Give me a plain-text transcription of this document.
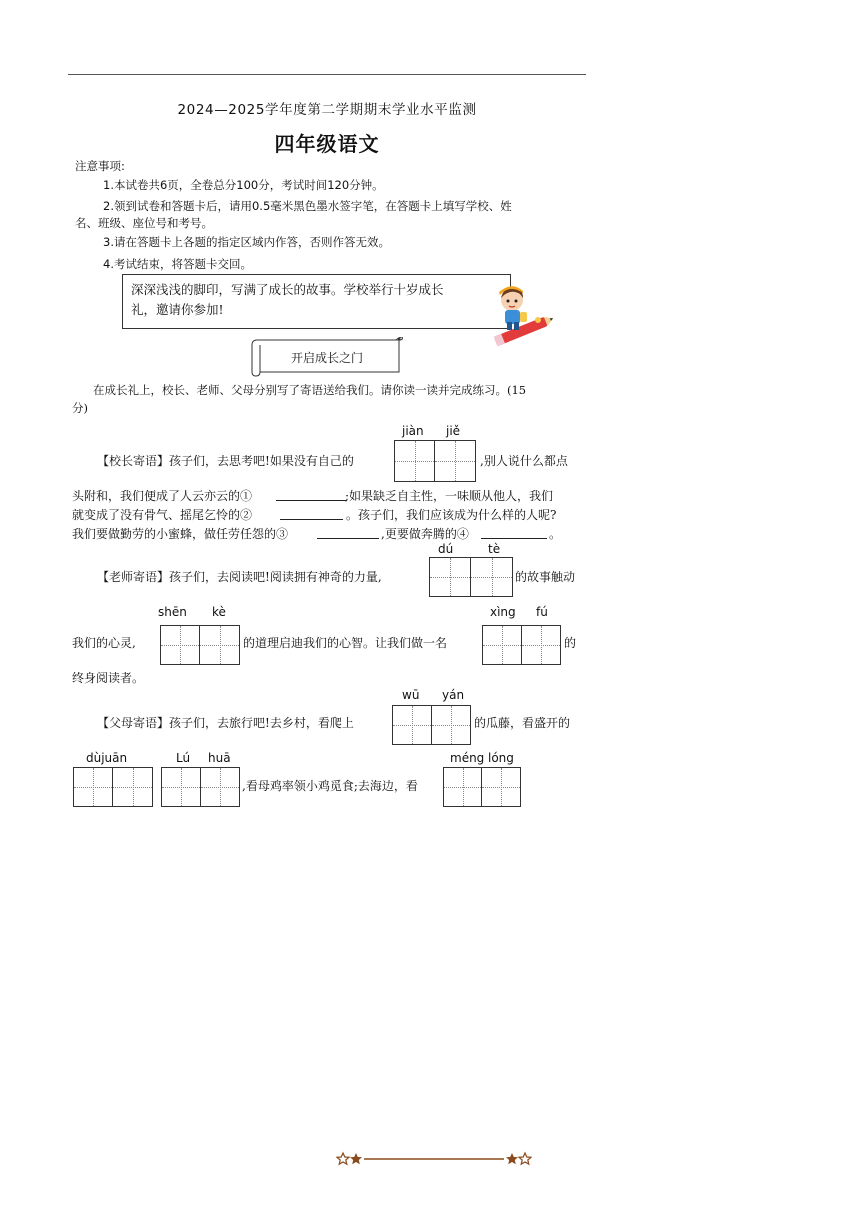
2024—2025学年度第二学期期末学业水平监测
四年级语文
注意事项:
1.本试卷共6页，全卷总分100分，考试时间120分钟。
2.领到试卷和答题卡后，请用0.5毫米黑色墨水签字笔，在答题卡上填写学校、姓
名、班级、座位号和考号。
3.请在答题卡上各题的指定区域内作答，否则作答无效。
4.考试结束，将答题卡交回。
深深浅浅的脚印，写满了成长的故事。学校举行十岁成长
礼，邀请你参加!
开启成长之门
在成长礼上，校长、老师、父母分别写了寄语送给我们。请你读一读并完成练习。(15
分)
jiàn jiě
【校长寄语】孩子们，去思考吧!如果没有自己的	,别人说什么都点
头附和，我们便成了人云亦云的①	;如果缺乏自主性，一味顺从他人，我们
就变成了没有骨气、摇尾乞怜的②	。孩子们，我们应该成为什么样的人呢?
我们要做勤劳的小蜜蜂，做任劳任怨的③	,更要做奔腾的④	。
dú	tè
【老师寄语】孩子们，去阅读吧!阅读拥有神奇的力量,	的故事触动
shēn kè	xìng fú
我们的心灵,	的道理启迪我们的心智。让我们做一名	的
终身阅读者。
wū yán
【父母寄语】孩子们，去旅行吧!去乡村，看爬上	的瓜藤，看盛开的
dùjuān	Lú huā	méng lóng
,看母鸡率领小鸡觅食;去海边，看
